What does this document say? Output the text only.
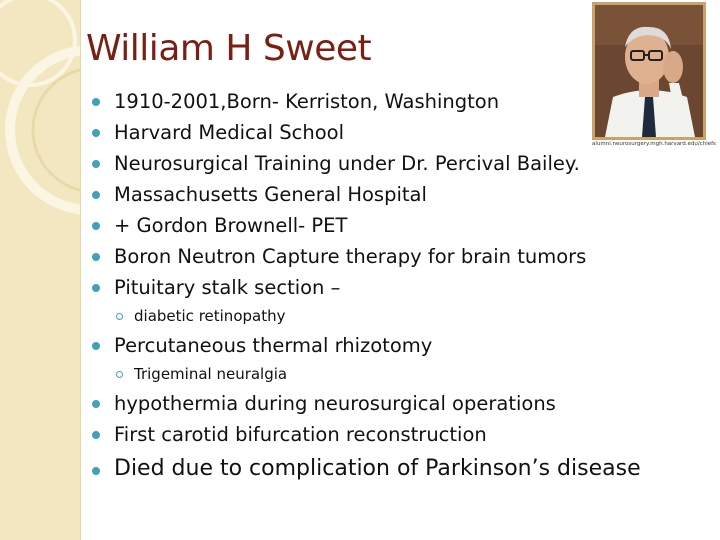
William H Sweet
alumni.neurosurgery.mgh.harvard.edu/chiefs
1910-2001,Born- Kerriston, Washington
Harvard Medical School
Neurosurgical Training under Dr. Percival Bailey.
Massachusetts General Hospital
+ Gordon Brownell- PET
Boron Neutron Capture therapy for brain tumors
Pituitary stalk section –
diabetic retinopathy
Percutaneous thermal rhizotomy
Trigeminal neuralgia
hypothermia during neurosurgical operations
First carotid bifurcation reconstruction
Died due to complication of Parkinson’s disease
